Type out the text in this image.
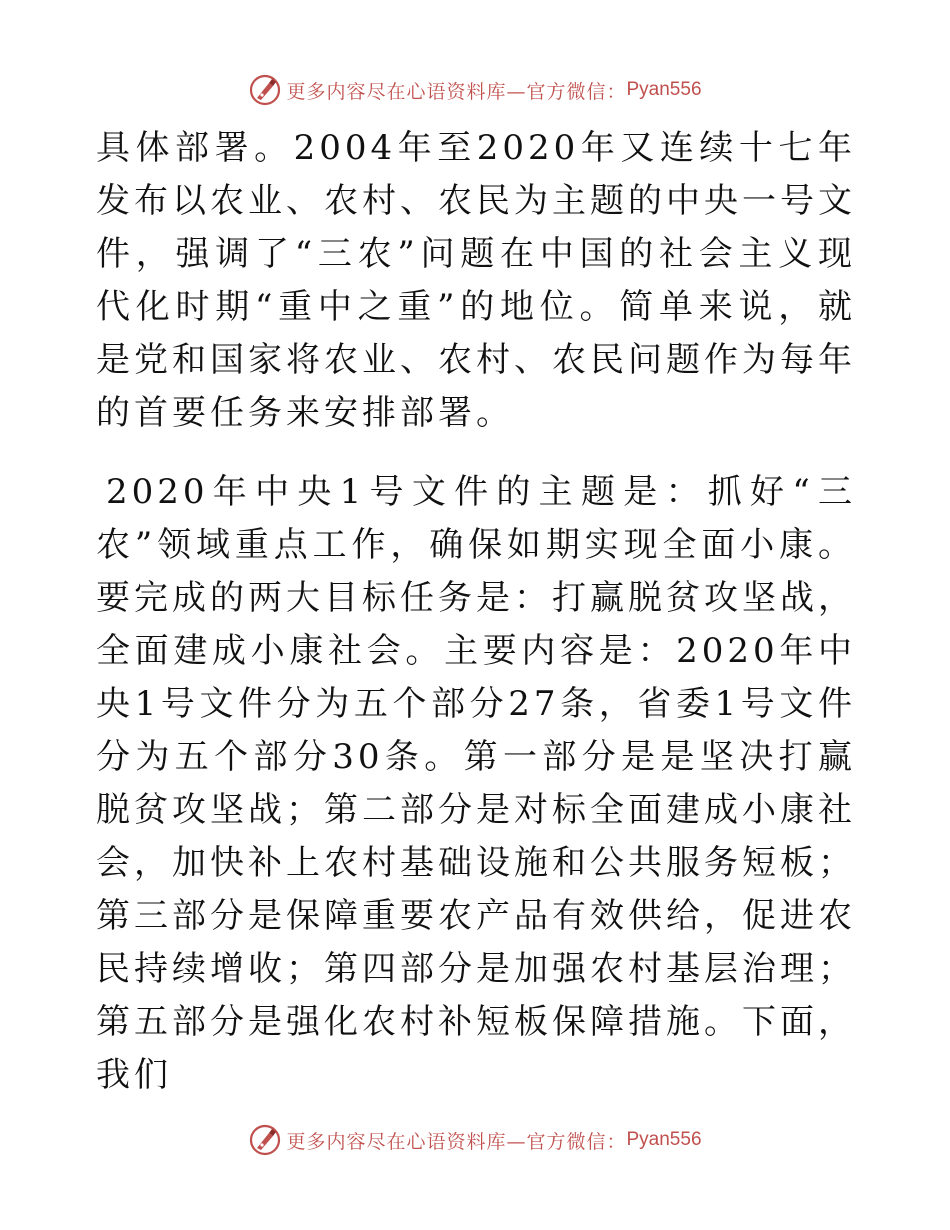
更多内容尽在心语资料库 —官方微信： Pyan556

具体部署。2004年至2020年又连续十七年发布以农业、农村、农民为主题的中央一号文件，强调了“三农”问题在中国的社会主义现代化时期“重中之重”的地位。简单来说，就是党和国家将农业、农村、农民问题作为每年的首要任务来安排部署。

2020年中央1号文件的主题是：抓好“三农”领域重点工作，确保如期实现全面小康。要完成的两大目标任务是：打赢脱贫攻坚战，全面建成小康社会。主要内容是：2020年中央1号文件分为五个部分27条，省委1号文件分为五个部分30条。第一部分是是坚决打赢脱贫攻坚战；第二部分是对标全面建成小康社会，加快补上农村基础设施和公共服务短板；第三部分是保障重要农产品有效供给，促进农民持续增收；第四部分是加强农村基层治理；第五部分是强化农村补短板保障措施。下面，我们

更多内容尽在心语资料库 —官方微信： Pyan556
